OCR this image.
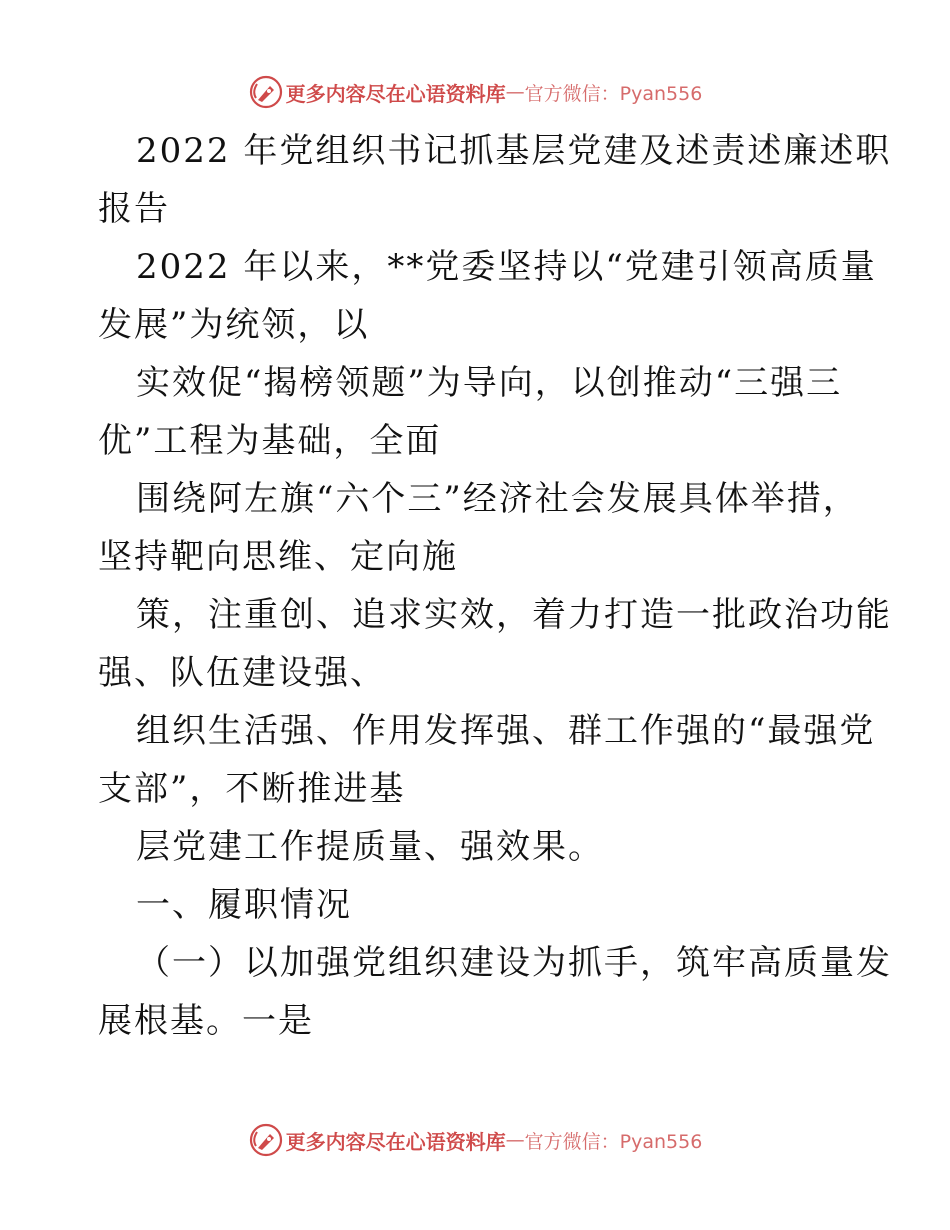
更多内容尽在心语资料库 — 官方微信：Pyan556
2022 年党组织书记抓基层党建及述责述廉述职
报告
2022 年以来，**党委坚持以“党建引领高质量
发展”为统领，以
实效促“揭榜领题”为导向，以创推动“三强三
优”工程为基础，全面
围绕阿左旗“六个三”经济社会发展具体举措，
坚持靶向思维、定向施
策，注重创、追求实效，着力打造一批政治功能
强、队伍建设强、
组织生活强、作用发挥强、群工作强的“最强党
支部”，不断推进基
层党建工作提质量、强效果。
一、履职情况
（一）以加强党组织建设为抓手，筑牢高质量发
展根基。一是
更多内容尽在心语资料库 — 官方微信：Pyan556
